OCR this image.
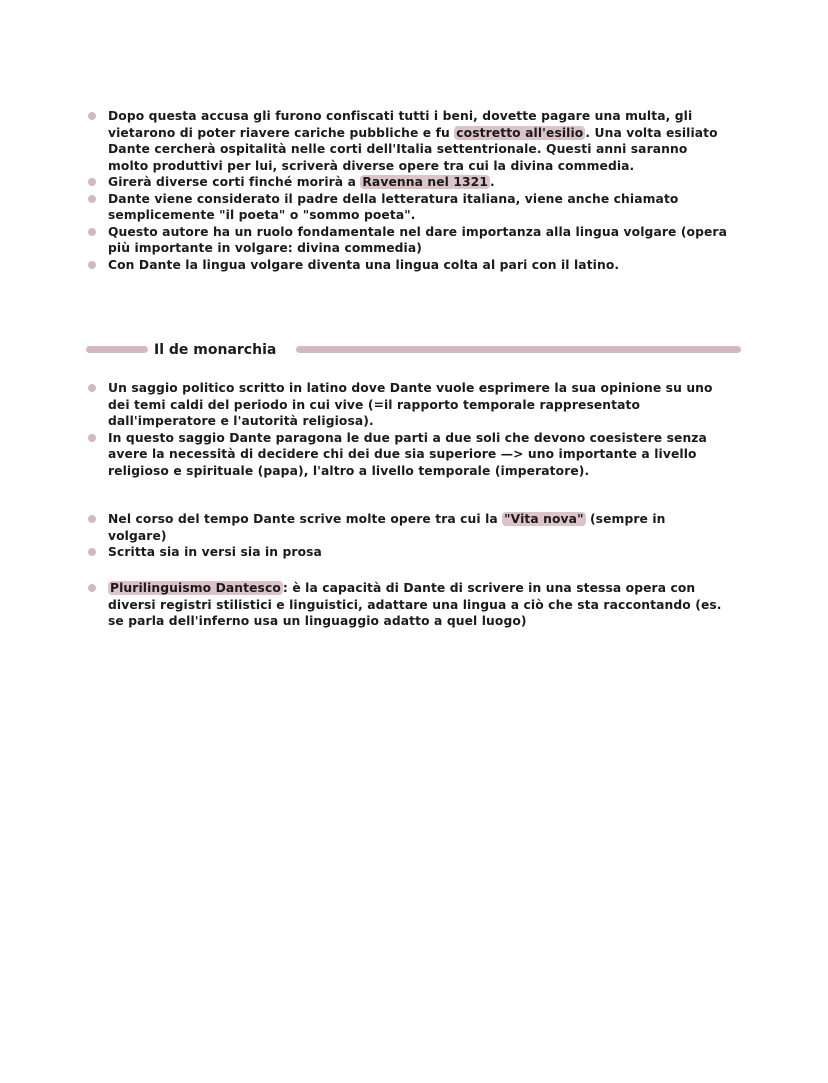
Dopo questa accusa gli furono confiscati tutti i beni, dovette pagare una multa, gli vietarono di poter riavere cariche pubbliche e fu costretto all'esilio . Una volta esiliato Dante cercherà ospitalità nelle corti dell'Italia settentrionale. Questi anni saranno molto produttivi per lui, scriverà diverse opere tra cui la divina commedia.
Girerà diverse corti finché morirà a Ravenna nel 1321 .
Dante viene considerato il padre della letteratura italiana, viene anche chiamato semplicemente "il poeta" o "sommo poeta".
Questo autore ha un ruolo fondamentale nel dare importanza alla lingua volgare (opera più importante in volgare: divina commedia)
Con Dante la lingua volgare diventa una lingua colta al pari con il latino.
Il de monarchia
Un saggio politico scritto in latino dove Dante vuole esprimere la sua opinione su uno dei temi caldi del periodo in cui vive (=il rapporto temporale rappresentato dall'imperatore e l'autorità religiosa).
In questo saggio Dante paragona le due parti a due soli che devono coesistere senza avere la necessità di decidere chi dei due sia superiore —> uno importante a livello religioso e spirituale (papa), l'altro a livello temporale (imperatore).
Nel corso del tempo Dante scrive molte opere tra cui la "Vita nova" (sempre in volgare)
Scritta sia in versi sia in prosa
Plurilinguismo Dantesco : è la capacità di Dante di scrivere in una stessa opera con diversi registri stilistici e linguistici, adattare una lingua a ciò che sta raccontando (es. se parla dell'inferno usa un linguaggio adatto a quel luogo)
